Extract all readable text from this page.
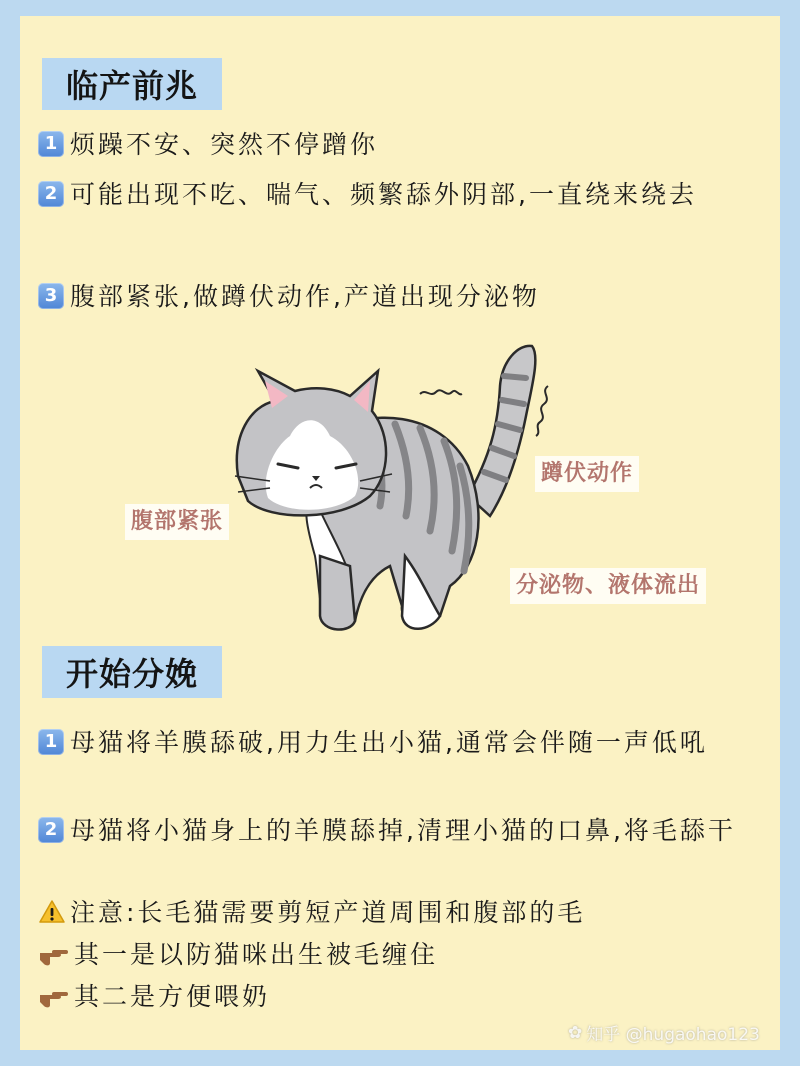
临产前兆
1 烦躁不安、突然不停蹭你
2 可能出现不吃、喘气、频繁舔外阴部,一直绕来绕去
3 腹部紧张,做蹲伏动作,产道出现分泌物
蹲伏动作
腹部紧张
分泌物、液体流出
开始分娩
1 母猫将羊膜舔破,用力生出小猫,通常会伴随一声低吼
2 母猫将小猫身上的羊膜舔掉,清理小猫的口鼻,将毛舔干
注意:长毛猫需要剪短产道周围和腹部的毛
其一是以防猫咪出生被毛缠住
其二是方便喂奶
✿ 知乎 @hugaohao123
